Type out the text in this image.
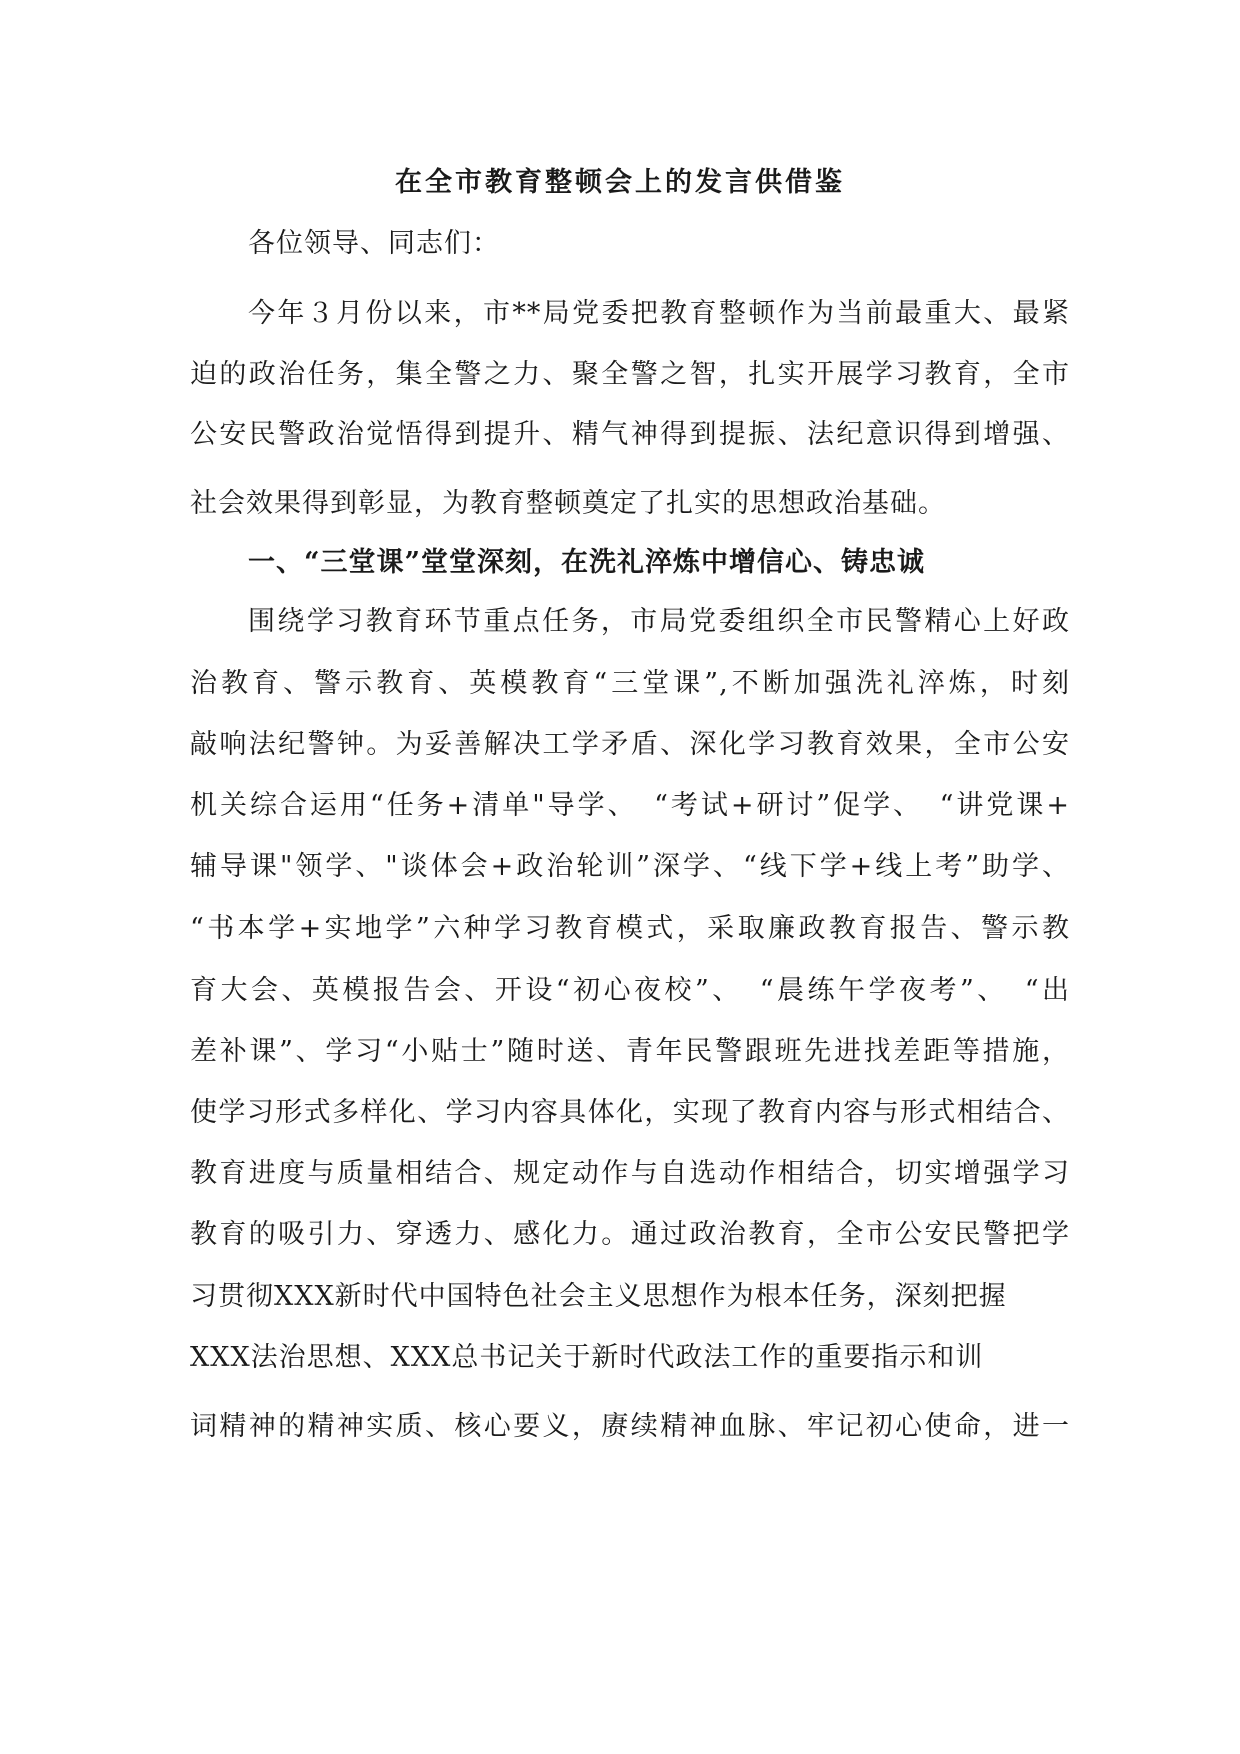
在全市教育整顿会上的发言供借鉴
各位领导、同志们：
今年３月份以来，市**局党委把教育整顿作为当前最重大、最紧
迫的政治任务，集全警之力、聚全警之智，扎实开展学习教育，全市
公安民警政治觉悟得到提升、精气神得到提振、法纪意识得到增强、
社会效果得到彰显，为教育整顿奠定了扎实的思想政治基础。
一、“三堂课”堂堂深刻，在洗礼淬炼中增信心、铸忠诚
围绕学习教育环节重点任务，市局党委组织全市民警精心上好政
治教育、警示教育、英模教育“三堂课”,不断加强洗礼淬炼，时刻
敲响法纪警钟。为妥善解决工学矛盾、深化学习教育效果，全市公安
机关综合运用“任务+清单"导学、　“考试+研讨”促学、　“讲党课+
辅导课"领学、"谈体会+政治轮训”深学、“线下学+线上考”助学、
“书本学+实地学”六种学习教育模式，采取廉政教育报告、警示教
育大会、英模报告会、开设“初心夜校”、　“晨练午学夜考”、　“出
差补课”、学习“小贴士”随时送、青年民警跟班先进找差距等措施，
使学习形式多样化、学习内容具体化，实现了教育内容与形式相结合、
教育进度与质量相结合、规定动作与自选动作相结合，切实增强学习
教育的吸引力、穿透力、感化力。通过政治教育，全市公安民警把学
习贯彻XXX新时代中国特色社会主义思想作为根本任务，深刻把握
XXX法治思想、XXX总书记关于新时代政法工作的重要指示和训
词精神的精神实质、核心要义，赓续精神血脉、牢记初心使命，进一
